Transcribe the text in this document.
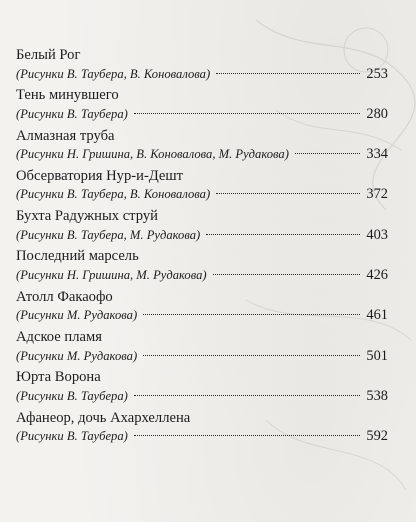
Белый Рог
(Рисунки В. Таубера, В. Коновалова)	253
Тень минувшего
(Рисунки В. Таубера)	280
Алмазная труба
(Рисунки Н. Гришина, В. Коновалова, М. Рудакова)	334
Обсерватория Нур-и-Дешт
(Рисунки В. Таубера, В. Коновалова)	372
Бухта Радужных струй
(Рисунки В. Таубера, М. Рудакова)	403
Последний марсель
(Рисунки Н. Гришина, М. Рудакова)	426
Атолл Факаофо
(Рисунки М. Рудакова)	461
Адское пламя
(Рисунки М. Рудакова)	501
Юрта Ворона
(Рисунки В. Таубера)	538
Афанеор, дочь Ахархеллена
(Рисунки В. Таубера)	592
